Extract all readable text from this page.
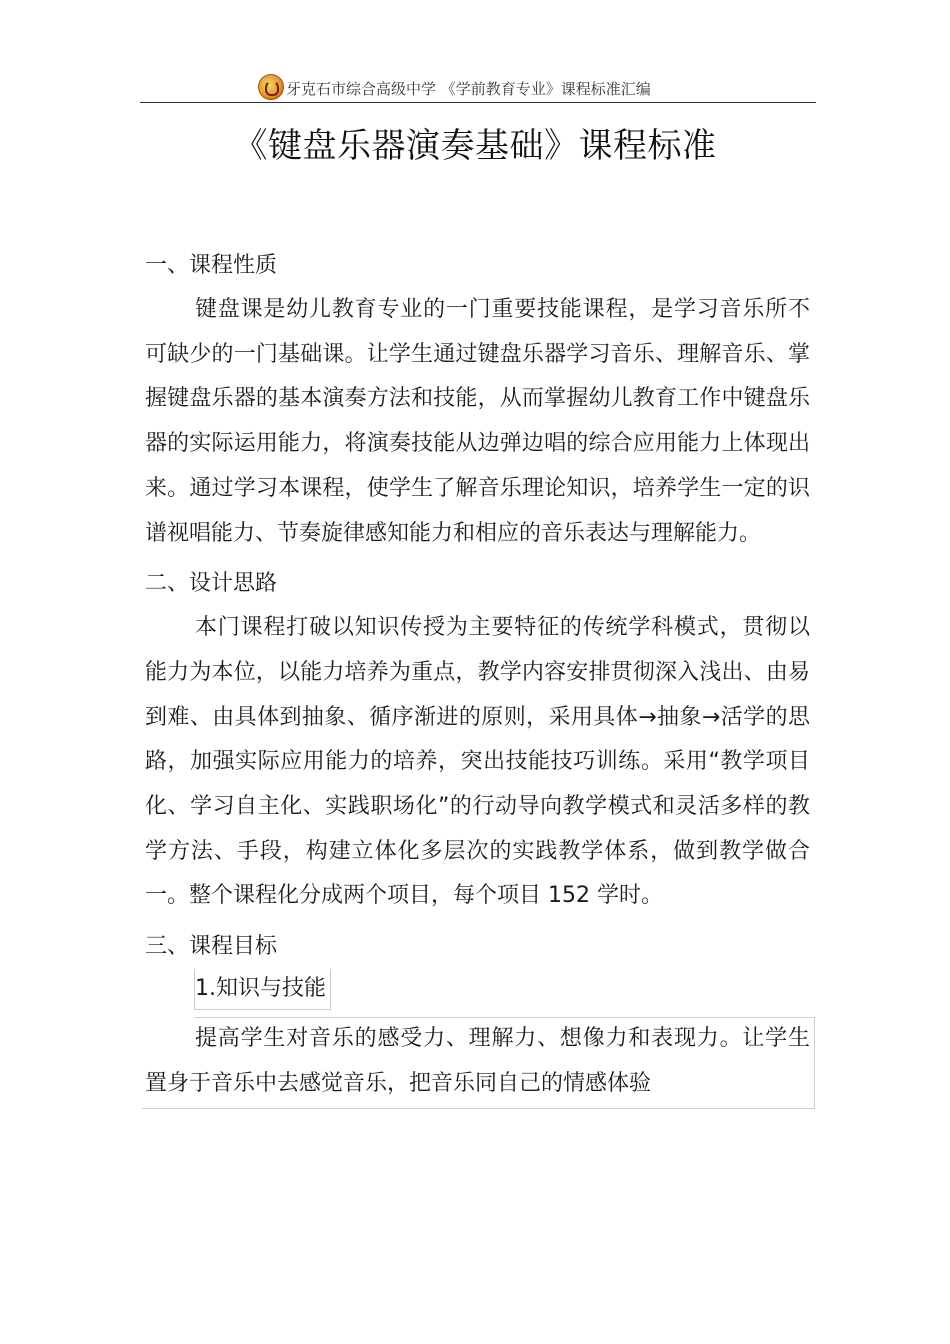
牙克石市综合高级中学 《学前教育专业》课程标准汇编
《键盘乐器演奏基础》课程标准

一、课程性质

键盘课是幼儿教育专业的一门重要技能课程，是学习音乐所不可缺少的一门基础课。让学生通过键盘乐器学习音乐、理解音乐、掌握键盘乐器的基本演奏方法和技能，从而掌握幼儿教育工作中键盘乐器的实际运用能力，将演奏技能从边弹边唱的综合应用能力上体现出来。通过学习本课程，使学生了解音乐理论知识，培养学生一定的识谱视唱能力、节奏旋律感知能力和相应的音乐表达与理解能力。

二、设计思路

本门课程打破以知识传授为主要特征的传统学科模式，贯彻以能力为本位，以能力培养为重点，教学内容安排贯彻深入浅出、由易到难、由具体到抽象、循序渐进的原则，采用具体→抽象→活学的思路，加强实际应用能力的培养，突出技能技巧训练。采用“教学项目化、学习自主化、实践职场化”的行动导向教学模式和灵活多样的教学方法、手段，构建立体化多层次的实践教学体系，做到教学做合一。整个课程化分成两个项目，每个项目 152 学时。

三、课程目标

1.知识与技能

提高学生对音乐的感受力、理解力、想像力和表现力。让学生置身于音乐中去感觉音乐，把音乐同自己的情感体验
